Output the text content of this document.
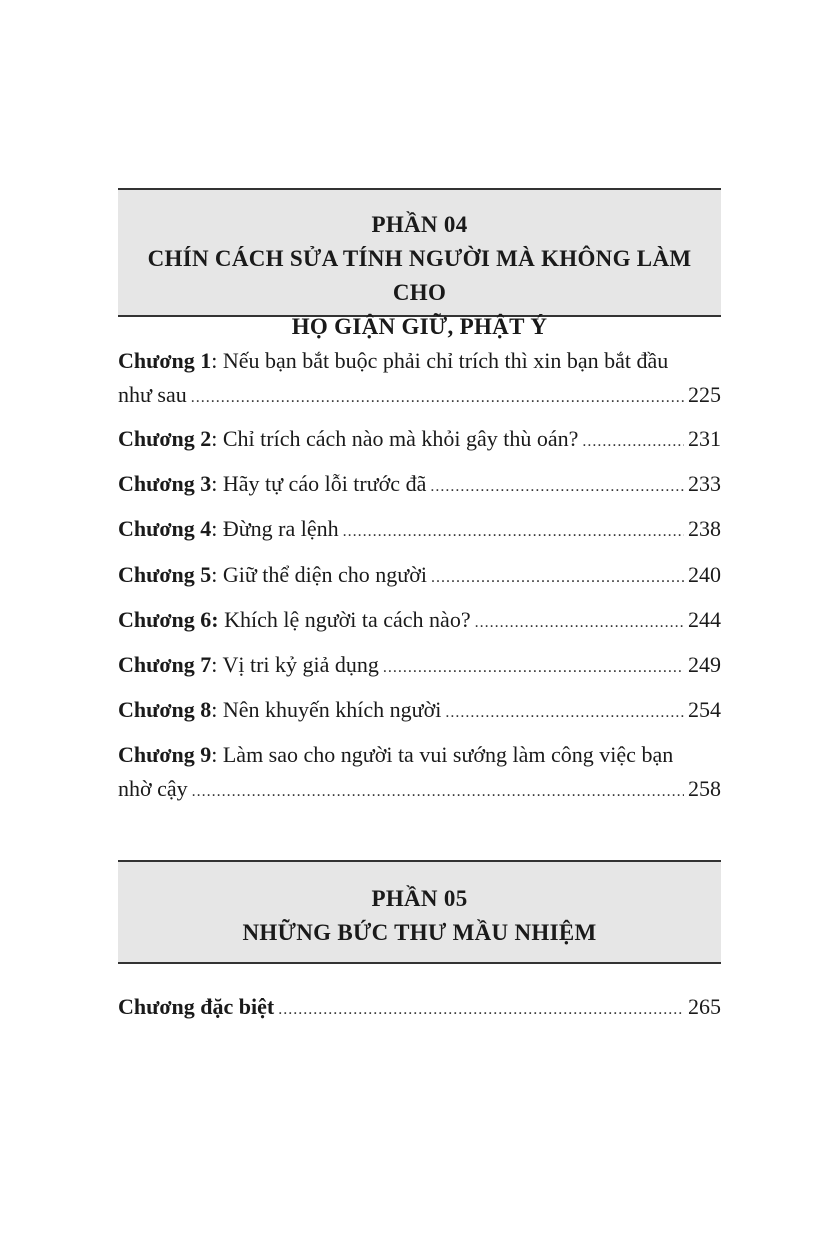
PHẦN 04
CHÍN CÁCH SỬA TÍNH NGƯỜI MÀ KHÔNG LÀM CHO
HỌ GIẬN GIỮ, PHẬT Ý
Chương 1 : Nếu bạn bắt buộc phải chỉ trích thì xin bạn bắt đầu
như sau .....	225
Chương 2 : Chỉ trích cách nào mà khỏi gây thù oán? .....	231
Chương 3 : Hãy tự cáo lỗi trước đã .....	233
Chương 4 : Đừng ra lệnh .....	238
Chương 5 : Giữ thể diện cho người .....	240
Chương 6: Khích lệ người ta cách nào? .....	244
Chương 7 : Vị tri kỷ giả dụng .....	249
Chương 8 : Nên khuyến khích người .....	254
Chương 9 : Làm sao cho người ta vui sướng làm công việc bạn
nhờ cậy .....	258
PHẦN 05
NHỮNG BỨC THƯ MẦU NHIỆM
Chương đặc biệt .....	265
